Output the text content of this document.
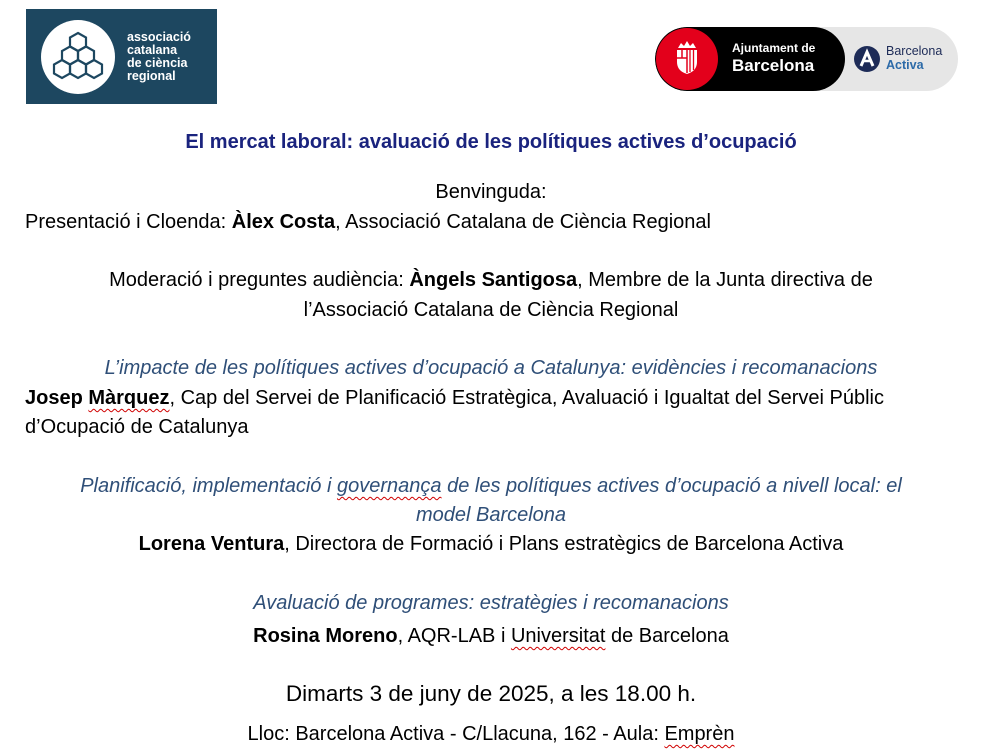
associació
catalana
de ciència
regional
Ajuntament de
Barcelona
Barcelona
Activa
El mercat laboral: avaluació de les polítiques actives d’ocupació
Benvinguda:
Presentació i Cloenda: Àlex Costa, Associació Catalana de Ciència Regional
Moderació i preguntes audiència: Àngels Santigosa, Membre de la Junta directiva de
l’Associació Catalana de Ciència Regional
L’impacte de les polítiques actives d’ocupació a Catalunya: evidències i recomanacions
Josep Màrquez, Cap del Servei de Planificació Estratègica, Avaluació i Igualtat del Servei Públic
d’Ocupació de Catalunya
Planificació, implementació i governança de les polítiques actives d’ocupació a nivell local: el
model Barcelona
Lorena Ventura, Directora de Formació i Plans estratègics de Barcelona Activa
Avaluació de programes: estratègies i recomanacions
Rosina Moreno, AQR-LAB i Universitat de Barcelona
Dimarts 3 de juny de 2025, a les 18.00 h.
Lloc: Barcelona Activa - C/Llacuna, 162 - Aula: Emprèn
